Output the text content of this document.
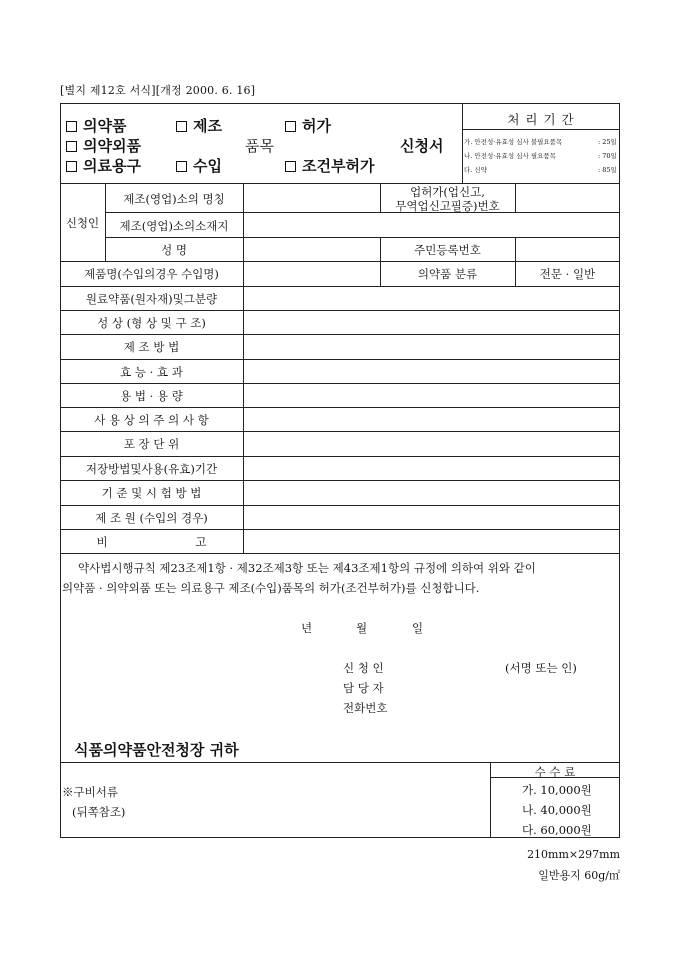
[별지 제12호 서식][개정 2000. 6. 16]
의약품
의약외품
의료용구
제조
수입
허가
조건부허가
품목	신청서
처 리 기 간
가. 안전성·유효성 심사 불필요품목	: 25일
나. 안전성·유효성 심사 필요품목	: 70일
다. 신약	: 85일
신청인
제조(영업)소의 명칭	업허가(업신고,
무역업신고필증)번호
제조(영업)소의소재지
성 명	주민등록번호
제품명(수입의경우 수입명)	의약품 분류	전문 · 일반
원료약품(원자재)및그분량
성 상 (형 상 및 구 조)
제 조 방 법
효 능 · 효 과
용 법 · 용 량
사 용 상 의 주 의 사 항
포 장 단 위
저장방법및사용(유효)기간
기 준 및 시 험 방 법
제 조 원 (수입의 경우)
비                        고
약사법시행규칙 제23조제1항 · 제32조제3항 또는 제43조제1항의 규정에 의하여 위와 같이
의약품 · 의약외품 또는 의료용구 제조(수입)품목의 허가(조건부허가)를 신청합니다.
년	월	일
신 청 인	(서명 또는 인)
담 당 자
전화번호
식품의약품안전청장 귀하
※구비서류
(뒤쪽참조)
수 수 료
가. 10,000원
나. 40,000원
다. 60,000원
210mm×297mm
일반용지 60g/㎡
